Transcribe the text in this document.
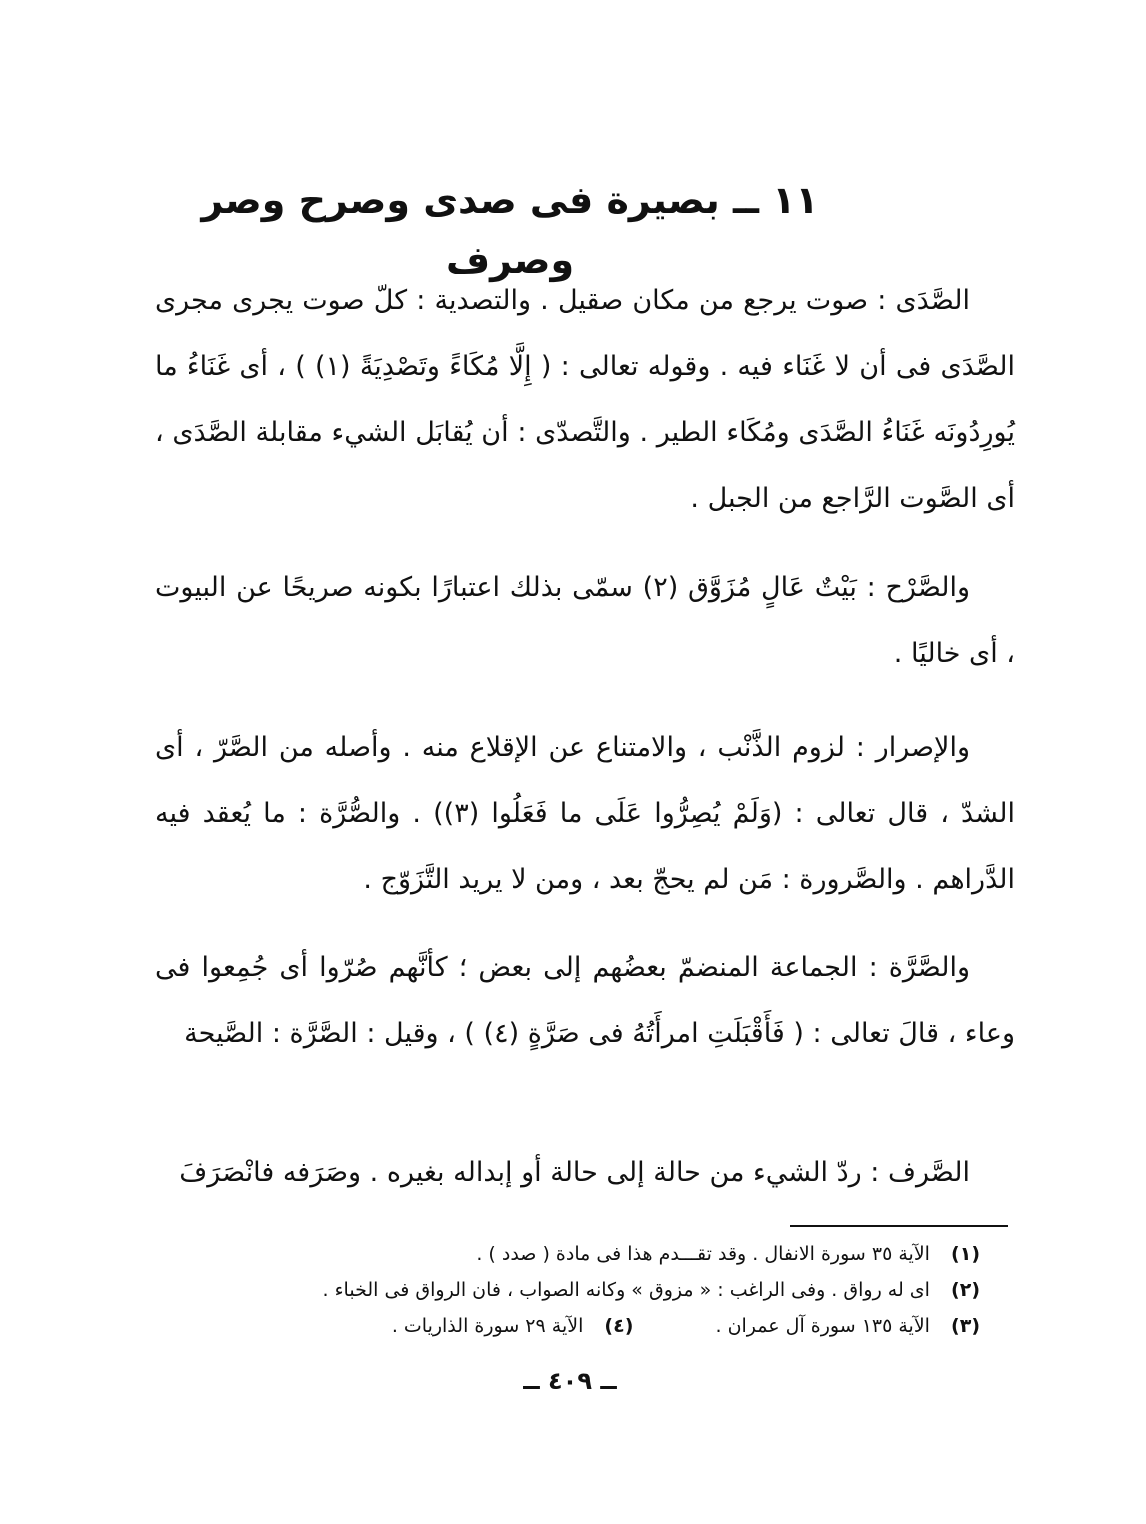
١١ ــ بصيرة فى صدى وصرح وصر وصرف

الصَّدَى : صوت يرجع من مكان صقيل . والتصدية : كلّ صوت يجرى مجرى الصَّدَى فى أن لا غَنَاء فيه . وقوله تعالى : ( إِلَّا مُكَاءً وتَصْدِيَةً (١) ) ، أى غَنَاءُ ما يُورِدُونَه غَنَاءُ الصَّدَى ومُكَاء الطير . والتَّصدّى : أن يُقابَل الشيء مقابلة الصَّدَى ، أى الصَّوت الرَّاجع من الجبل .

والصَّرْح : بَيْتٌ عَالٍ مُزَوَّق (٢) سمّى بذلك اعتبارًا بكونه صريحًا عن البيوت ، أى خاليًا .

والإصرار : لزوم الذَّنْب ، والامتناع عن الإقلاع منه . وأصله من الصَّرّ ، أى الشدّ ، قال تعالى : (وَلَمْ يُصِرُّوا عَلَى ما فَعَلُوا (٣)) . والصُّرَّة : ما يُعقد فيه الدَّراهم . والصَّرورة : مَن لم يحجّ بعد ، ومن لا يريد التَّزَوّج .

والصَّرَّة : الجماعة المنضمّ بعضُهم إلى بعض ؛ كأنَّهم صُرّوا أى جُمِعوا فى وعاء ، قالَ تعالى : ( فَأَقْبَلَتِ امرأَتُهُ فى صَرَّةٍ (٤) ) ، وقيل : الصَّرَّة : الصَّيحة

الصَّرف : ردّ الشيء من حالة إلى حالة أو إبداله بغيره . وصَرَفه فانْصَرَفَ

(١) الآية ٣٥ سورة الانفال . وقد تقـــدم هذا فى مادة ( صدد ) .
(٢) اى له رواق . وفى الراغب : « مزوق » وكانه الصواب ، فان الرواق فى الخباء .
(٣) الآية ١٣٥ سورة آل عمران .  (٤) الآية ٢٩ سورة الذاريات .
ــ ٤٠٩ ــ
